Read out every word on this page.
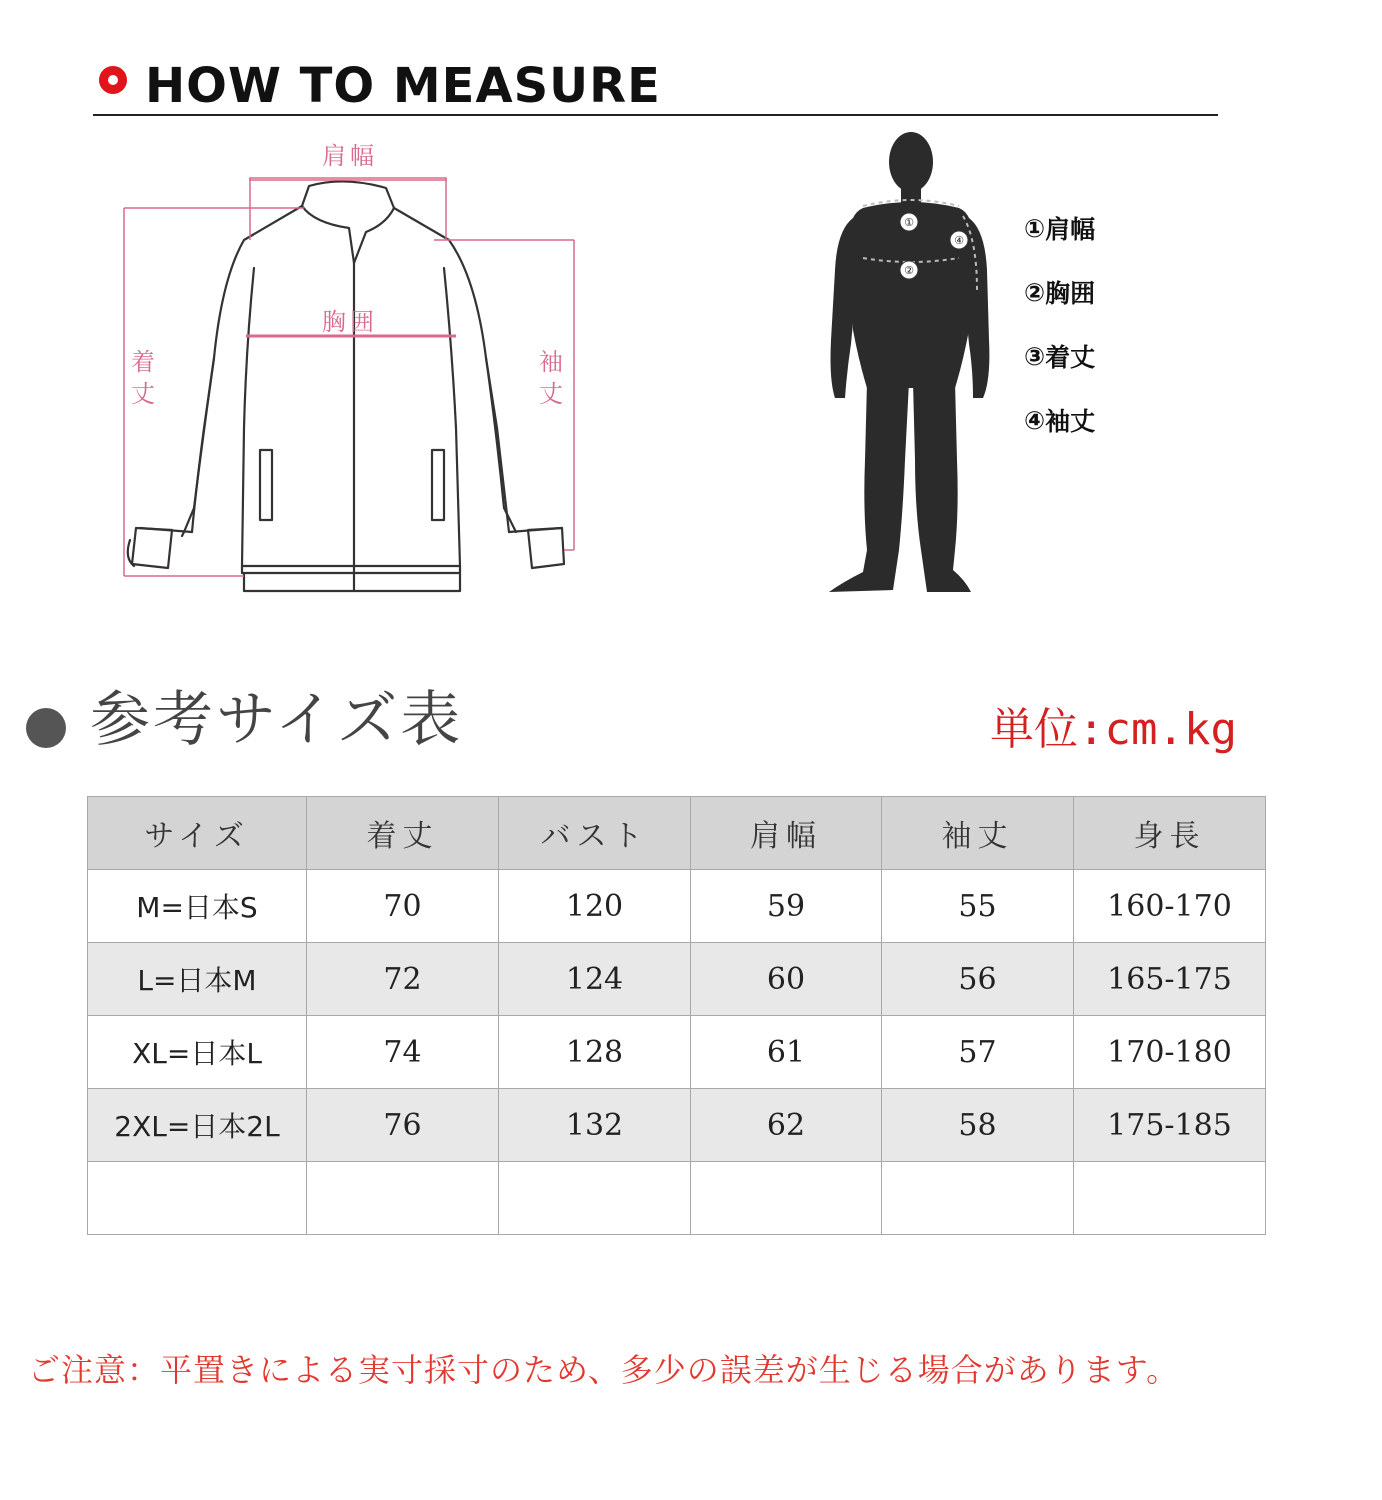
HOW TO MEASURE
肩幅
胸囲
着丈
袖丈
①
②
④ ① 肩幅
② 胸囲
③ 着丈
④ 袖丈
参考サイズ表	単位:cm.kg
サイズ	着丈	バスト	肩幅	袖丈	身長
M=日本S	70	120	59	55	160-170
L=日本M	72	124	60	56	165-175
XL=日本L	74	128	61	57	170-180
2XL=日本2L	76	132	62	58	175-185

ご注意：平置きによる実寸採寸のため、多少の誤差が生じる場合があります。
